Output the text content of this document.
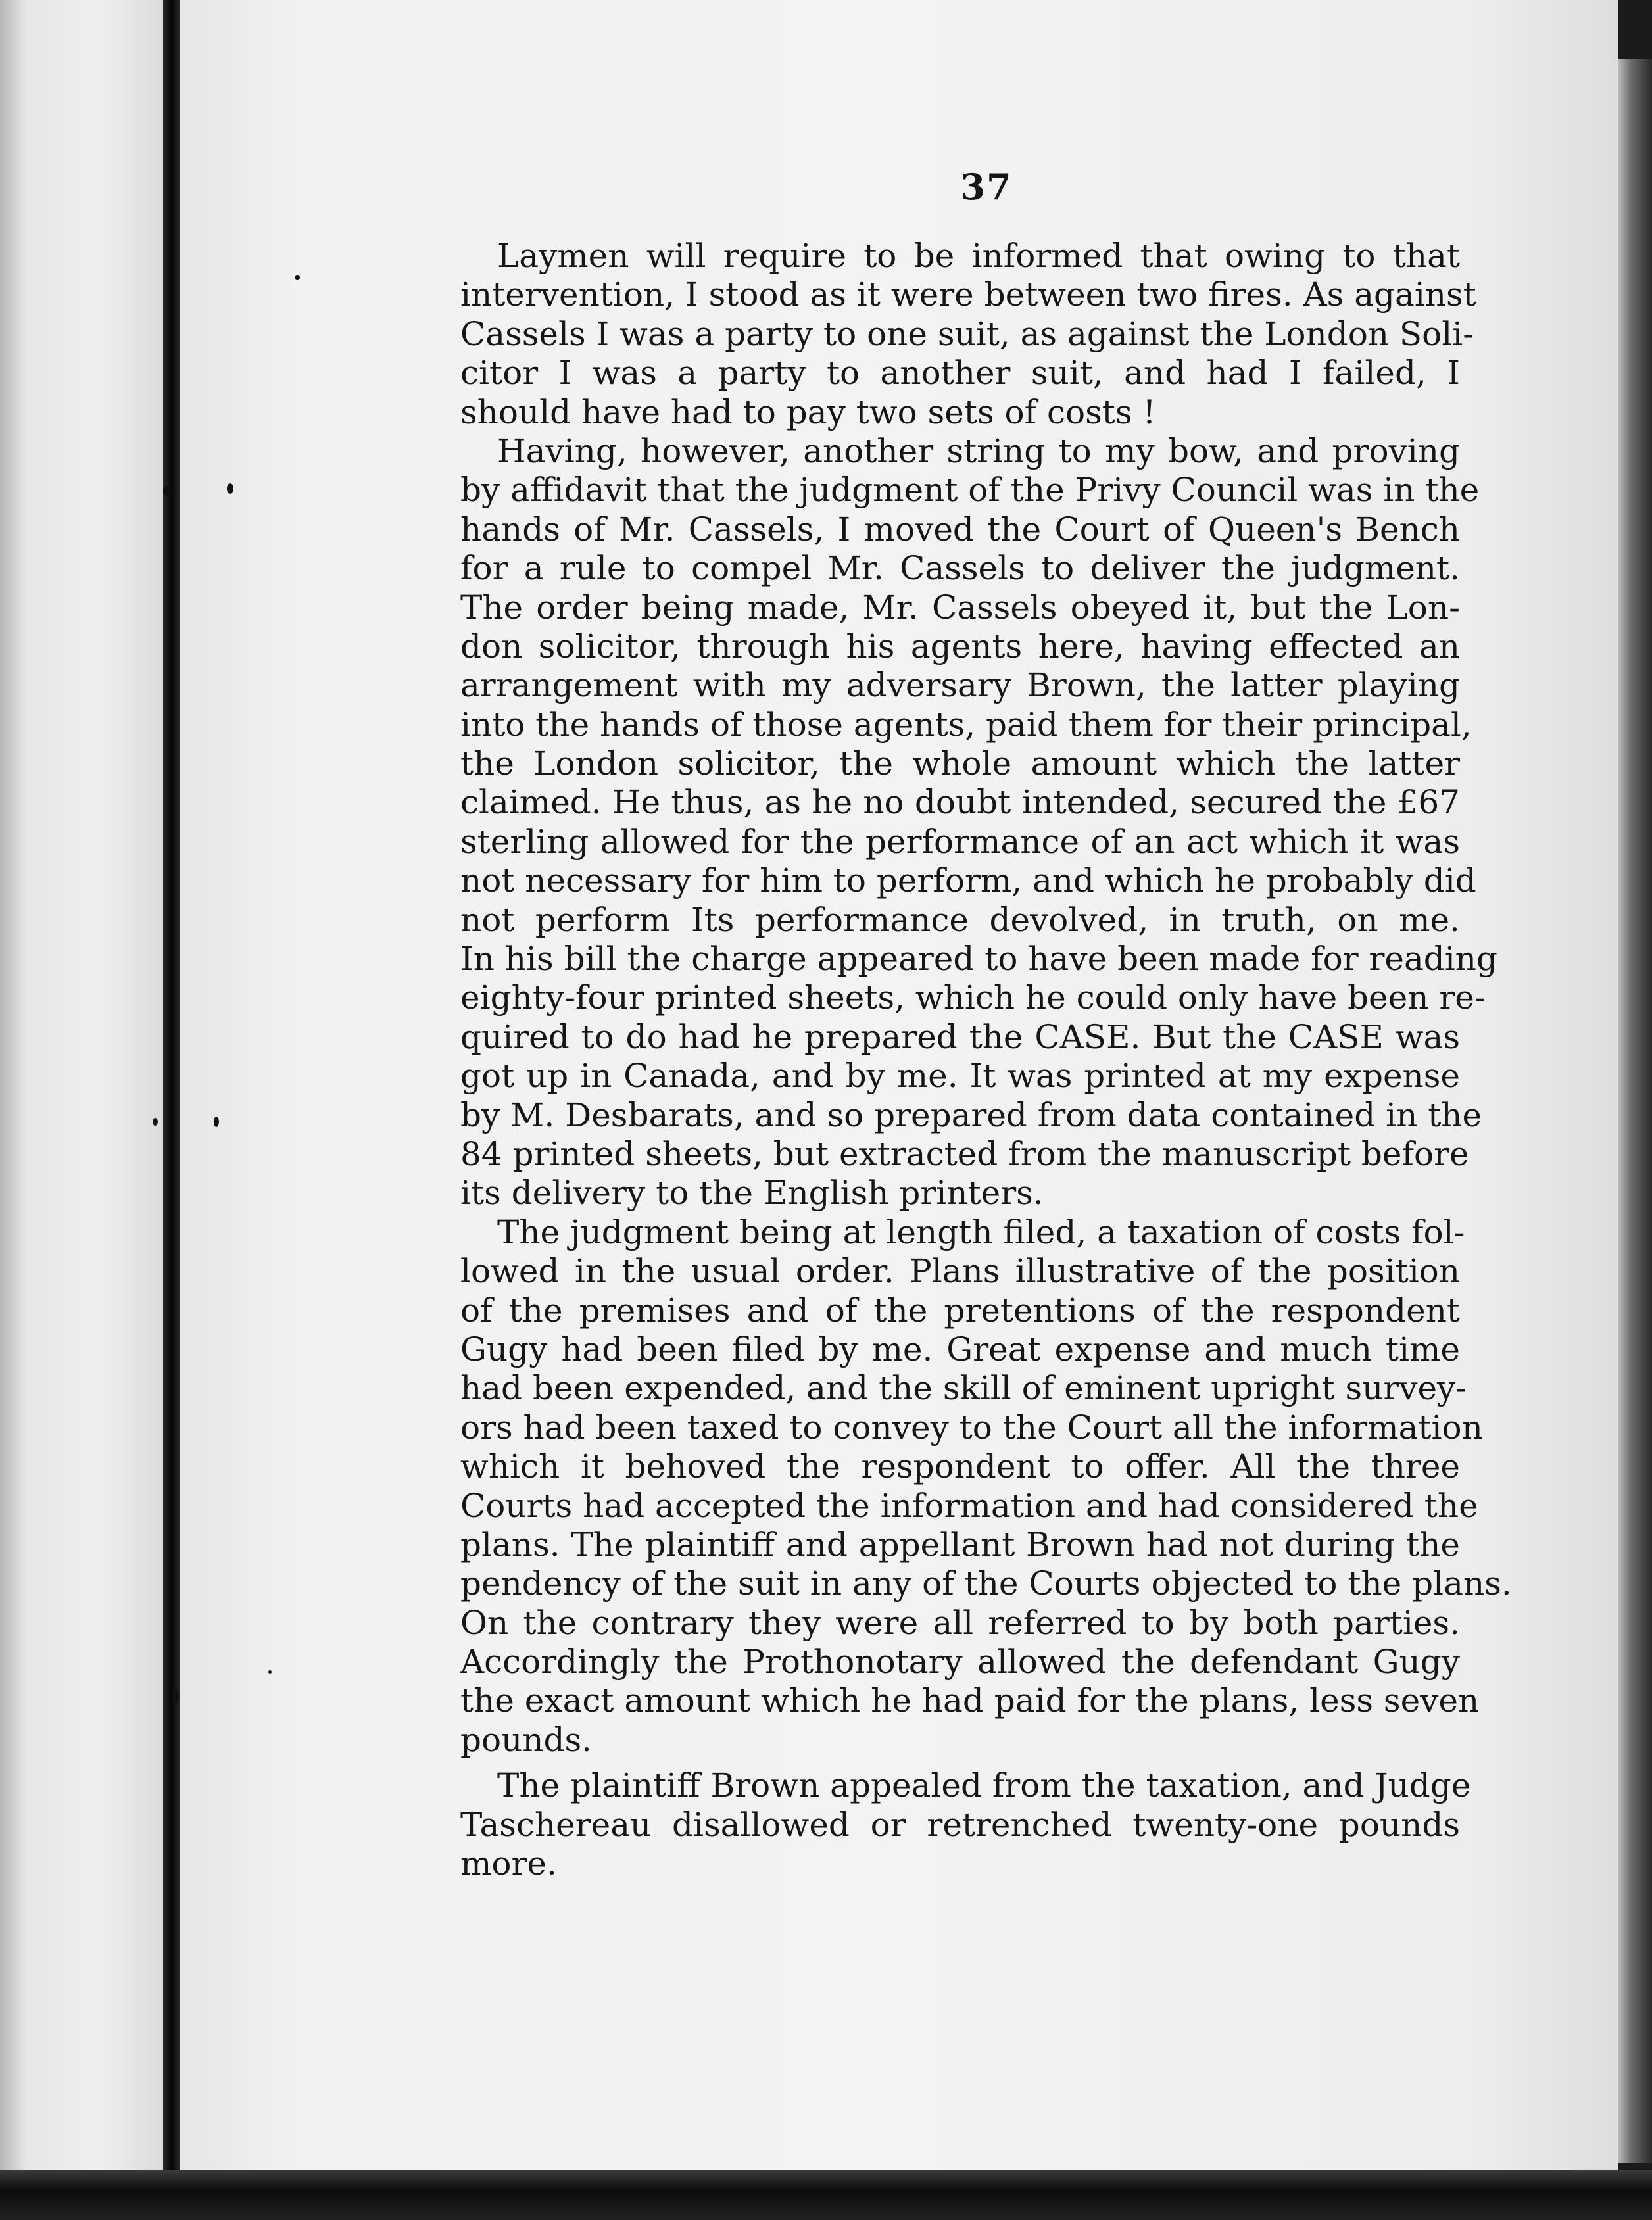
37
Laymen will require to be informed that owing to that
intervention, I stood as it were between two fires. As against
Cassels I was a party to one suit, as against the London Soli-
citor I was a party to another suit, and had I failed, I
should have had to pay two sets of costs !
Having, however, another string to my bow, and proving
by affidavit that the judgment of the Privy Council was in the
hands of Mr. Cassels, I moved the Court of Queen's Bench
for a rule to compel Mr. Cassels to deliver the judgment.
The order being made, Mr. Cassels obeyed it, but the Lon-
don solicitor, through his agents here, having effected an
arrangement with my adversary Brown, the latter playing
into the hands of those agents, paid them for their principal,
the London solicitor, the whole amount which the latter
claimed. He thus, as he no doubt intended, secured the £67
sterling allowed for the performance of an act which it was
not necessary for him to perform, and which he probably did
not perform Its performance devolved, in truth, on me.
In his bill the charge appeared to have been made for reading
eighty-four printed sheets, which he could only have been re-
quired to do had he prepared the CASE. But the CASE was
got up in Canada, and by me. It was printed at my expense
by M. Desbarats, and so prepared from data contained in the
84 printed sheets, but extracted from the manuscript before
its delivery to the English printers.
The judgment being at length filed, a taxation of costs fol-
lowed in the usual order. Plans illustrative of the position
of the premises and of the pretentions of the respondent
Gugy had been filed by me. Great expense and much time
had been expended, and the skill of eminent upright survey-
ors had been taxed to convey to the Court all the information
which it behoved the respondent to offer. All the three
Courts had accepted the information and had considered the
plans. The plaintiff and appellant Brown had not during the
pendency of the suit in any of the Courts objected to the plans.
On the contrary they were all referred to by both parties.
Accordingly the Prothonotary allowed the defendant Gugy
the exact amount which he had paid for the plans, less seven
pounds.
The plaintiff Brown appealed from the taxation, and Judge
Taschereau disallowed or retrenched twenty-one pounds
more.
